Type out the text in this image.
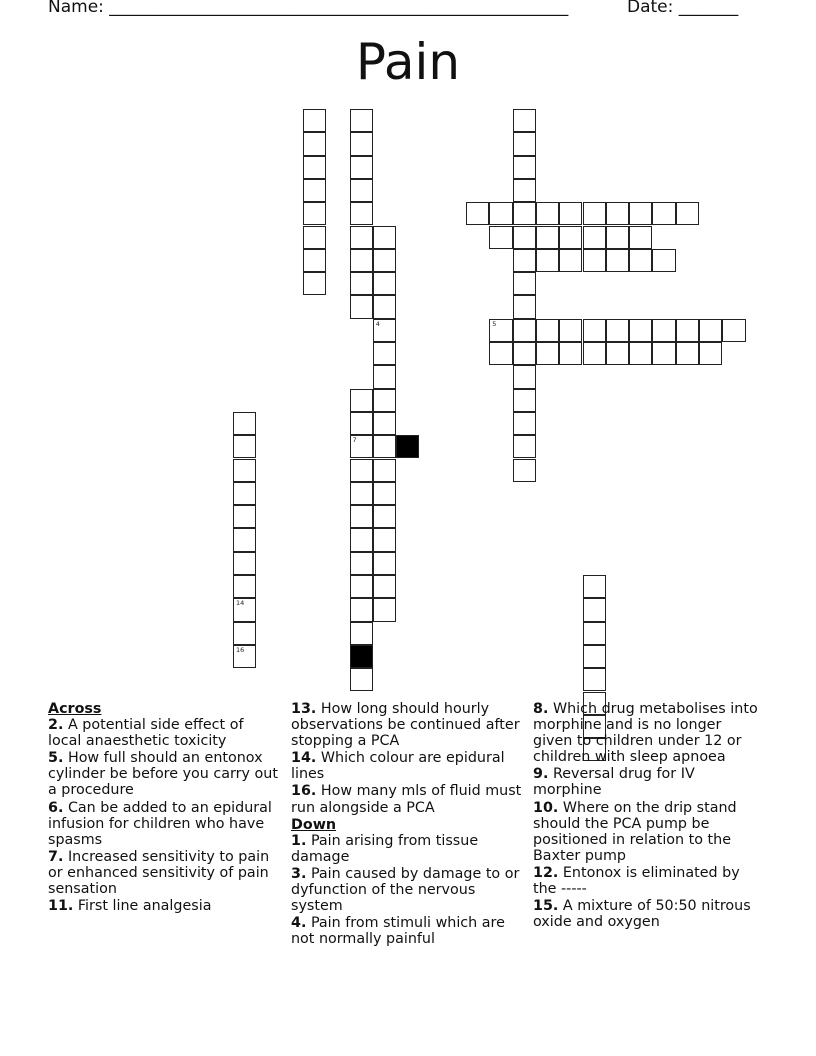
Name: ______________________________________________________	Date: _______
Pain
14
16
5
4
7
Across
2. A potential side effect of local anaesthetic toxicity
5. How full should an entonox cylinder be before you carry out a procedure
6. Can be added to an epidural infusion for children who have spasms
7. Increased sensitivity to pain or enhanced sensitivity of pain sensation
11. First line analgesia
13. How long should hourly observations be continued after stopping a PCA
14. Which colour are epidural lines
16. How many mls of fluid must run alongside a PCA
Down
1. Pain arising from tissue damage
3. Pain caused by damage to or dyfunction of the nervous system
4. Pain from stimuli which are not normally painful
8. Which drug metabolises into morphine and is no longer given to children under 12 or children with sleep apnoea
9. Reversal drug for IV morphine
10. Where on the drip stand should the PCA pump be positioned in relation to the Baxter pump
12. Entonox is eliminated by the -----
15. A mixture of 50:50 nitrous oxide and oxygen
